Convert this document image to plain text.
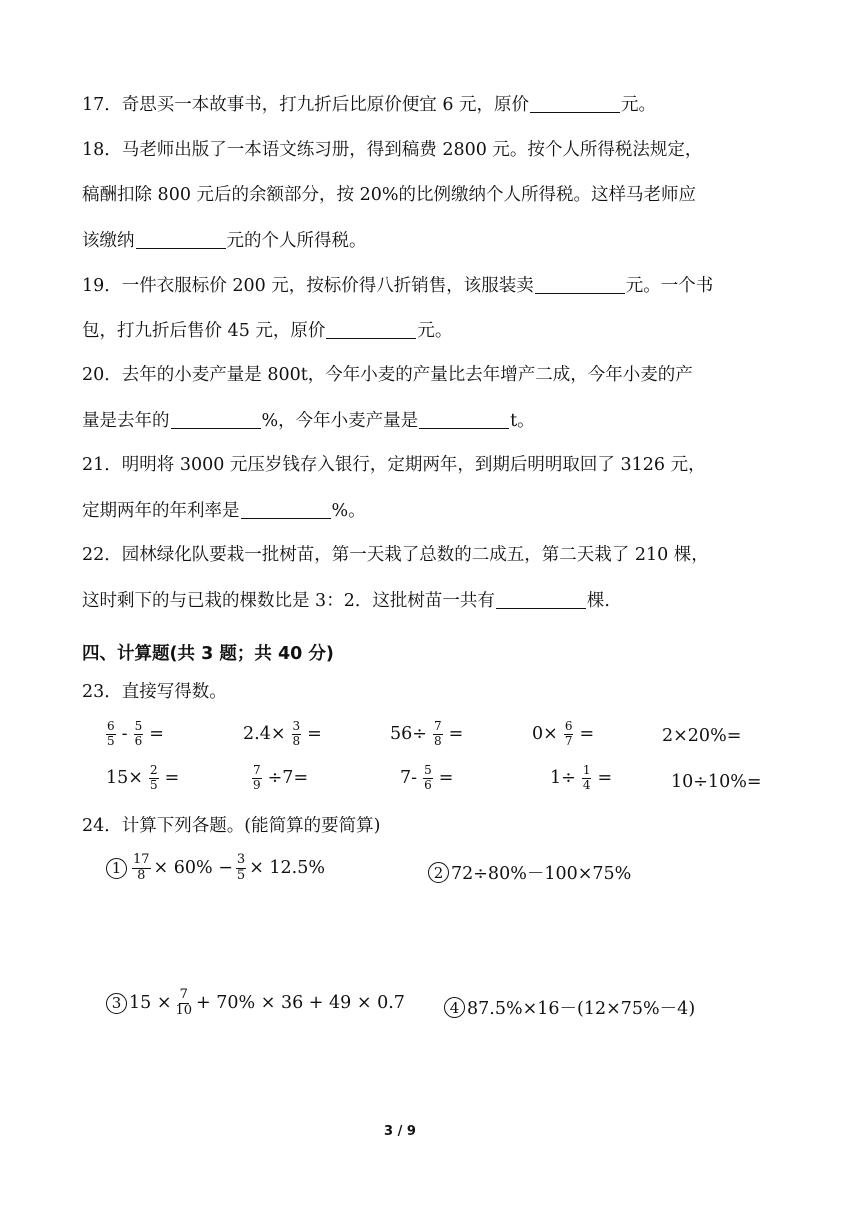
17．奇思买一本故事书，打九折后比原价便宜 6 元，原价	元。
18．马老师出版了一本语文练习册，得到稿费 2800 元。按个人所得税法规定，
稿酬扣除 800 元后的余额部分，按 20%的比例缴纳个人所得税。这样马老师应
该缴纳	元的个人所得税。
19．一件衣服标价 200 元，按标价得八折销售，该服装卖	元。一个书
包，打九折后售价 45 元，原价	元。
20．去年的小麦产量是 800t，今年小麦的产量比去年增产二成，今年小麦的产
量是去年的	%，今年小麦产量是	t。
21．明明将 3000 元压岁钱存入银行，定期两年，到期后明明取回了 3126 元，
定期两年的年利率是	%。
22．园林绿化队要栽一批树苗，第一天栽了总数的二成五，第二天栽了 210 棵，
这时剩下的与已栽的棵数比是 3：2．这批树苗一共有	棵.
四、计算题(共 3 题；共 40 分)
23．直接写得数。
$\frac{6}{5} - \frac{5}{6}$ =	$2.4\times \frac{3}{8}$ =	$56\div \frac{7}{8}$ =	$0\times \frac{6}{7}$ =	2×20%=
$15\times \frac{2}{5}$ =	$\frac{7}{9} \div 7=$	$7- \frac{5}{6}$ =	$1\div \frac{1}{4}$ =	10÷10%=
24．计算下列各题。(能简算的要简算)
$1 \frac{17}{8} \times 60\% - \frac{3}{5} \times 12.5\%$	2 72÷80%－100×75%
3 $15 \times \frac{7}{10} + 70\% \times 36 + 49 \times 0.7$	4 87.5%×16－(12×75%－4)
3 / 9
